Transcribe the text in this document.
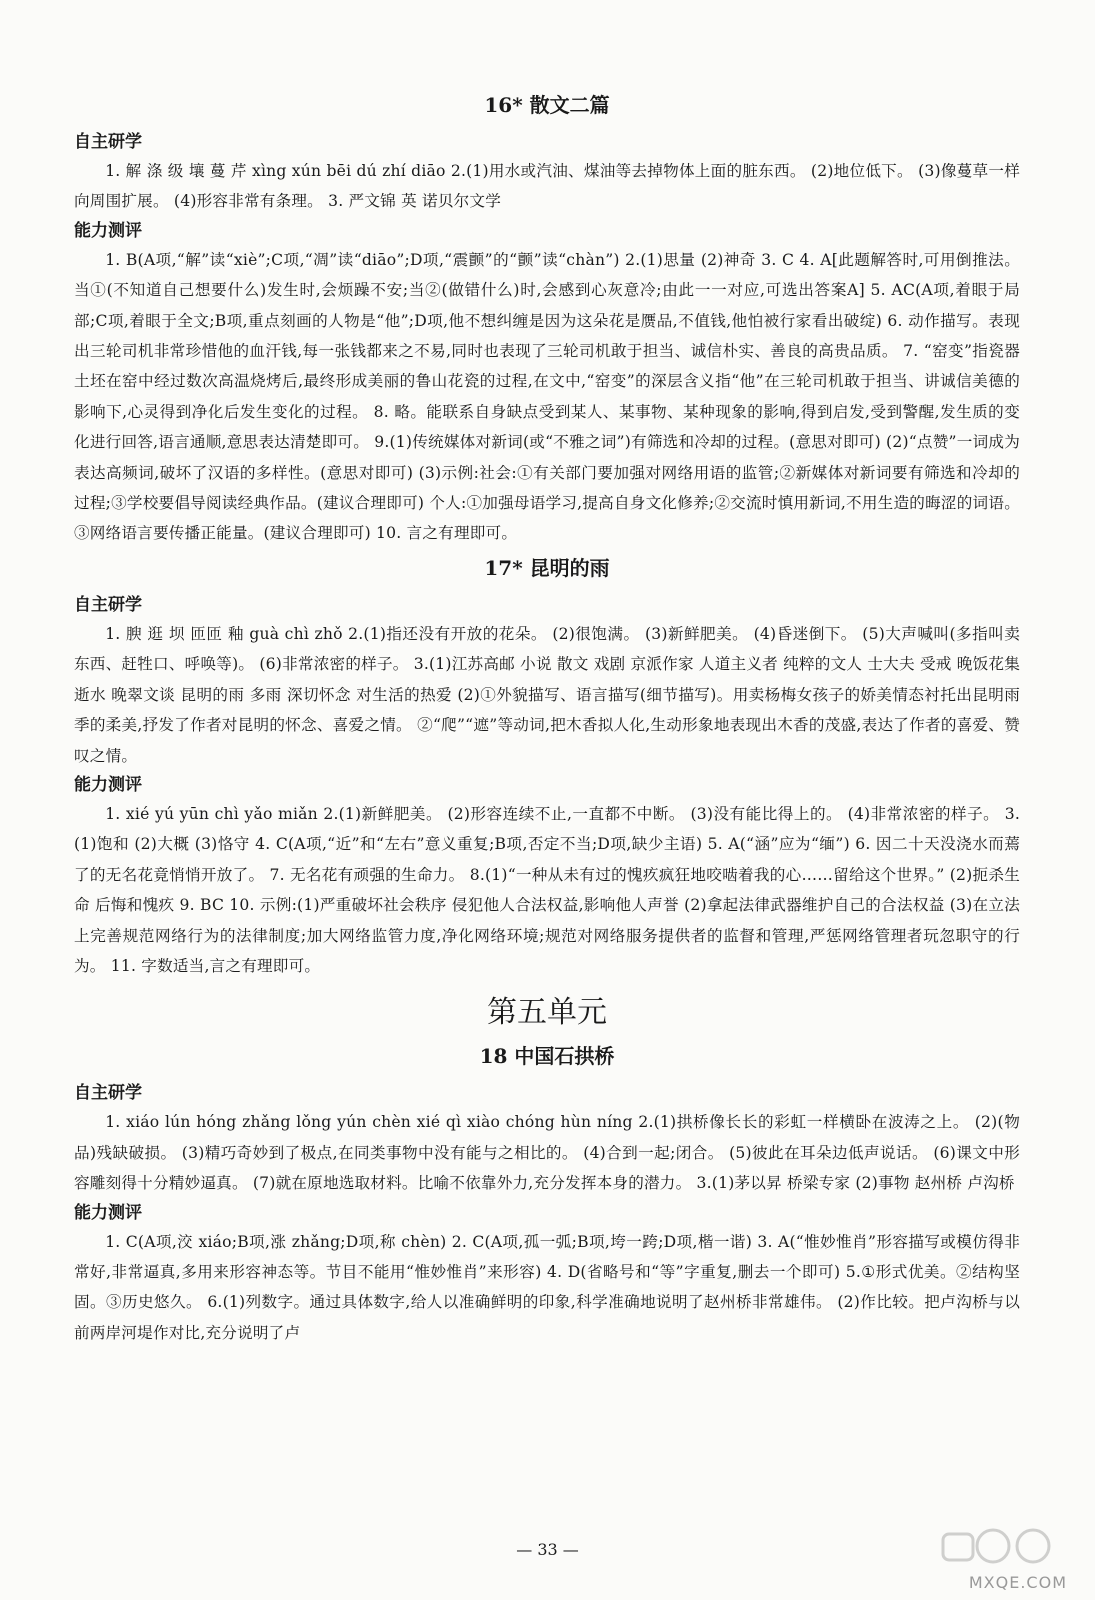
16* 散文二篇
自主研学

1. 解 涤 级 壤 蔓 芹 xìng xún bēi dú zhí diāo 2.(1)用水或汽油、煤油等去掉物体上面的脏东西。 (2)地位低下。 (3)像蔓草一样向周围扩展。 (4)形容非常有条理。 3. 严文锦 英 诺贝尔文学

能力测评

1. B(A项,“解”读“xiè”;C项,“凋”读“diāo”;D项,“震颤”的“颤”读“chàn”) 2.(1)思量 (2)神奇 3. C 4. A[此题解答时,可用倒推法。当①(不知道自己想要什么)发生时,会烦躁不安;当②(做错什么)时,会感到心灰意冷;由此一一对应,可选出答案A] 5. AC(A项,着眼于局部;C项,着眼于全文;B项,重点刻画的人物是“他”;D项,他不想纠缠是因为这朵花是赝品,不值钱,他怕被行家看出破绽) 6. 动作描写。表现出三轮司机非常珍惜他的血汗钱,每一张钱都来之不易,同时也表现了三轮司机敢于担当、诚信朴实、善良的高贵品质。 7. “窑变”指瓷器土坯在窑中经过数次高温烧烤后,最终形成美丽的鲁山花瓷的过程,在文中,“窑变”的深层含义指“他”在三轮司机敢于担当、讲诚信美德的影响下,心灵得到净化后发生变化的过程。 8. 略。能联系自身缺点受到某人、某事物、某种现象的影响,得到启发,受到警醒,发生质的变化进行回答,语言通顺,意思表达清楚即可。 9.(1)传统媒体对新词(或“不雅之词”)有筛选和冷却的过程。(意思对即可) (2)“点赞”一词成为表达高频词,破坏了汉语的多样性。(意思对即可) (3)示例:社会:①有关部门要加强对网络用语的监管;②新媒体对新词要有筛选和冷却的过程;③学校要倡导阅读经典作品。(建议合理即可) 个人:①加强母语学习,提高自身文化修养;②交流时慎用新词,不用生造的晦涩的词语。③网络语言要传播正能量。(建议合理即可) 10. 言之有理即可。

17* 昆明的雨
自主研学

1. 腴 逛 坝 匝匝 釉 guà chì zhǒ 2.(1)指还没有开放的花朵。 (2)很饱满。 (3)新鲜肥美。 (4)昏迷倒下。 (5)大声喊叫(多指叫卖东西、赶牲口、呼唤等)。 (6)非常浓密的样子。 3.(1)江苏高邮 小说 散文 戏剧 京派作家 人道主义者 纯粹的文人 士大夫 受戒 晚饭花集 逝水 晚翠文谈 昆明的雨 多雨 深切怀念 对生活的热爱 (2)①外貌描写、语言描写(细节描写)。用卖杨梅女孩子的娇美情态衬托出昆明雨季的柔美,抒发了作者对昆明的怀念、喜爱之情。 ②“爬”“遮”等动词,把木香拟人化,生动形象地表现出木香的茂盛,表达了作者的喜爱、赞叹之情。

能力测评

1. xié yú yūn chì yǎo miǎn 2.(1)新鲜肥美。 (2)形容连续不止,一直都不中断。 (3)没有能比得上的。 (4)非常浓密的样子。 3.(1)饱和 (2)大概 (3)恪守 4. C(A项,“近”和“左右”意义重复;B项,否定不当;D项,缺少主语) 5. A(“涵”应为“缅”) 6. 因二十天没浇水而蔫了的无名花竟悄悄开放了。 7. 无名花有顽强的生命力。 8.(1)“一种从未有过的愧疚疯狂地咬啮着我的心……留给这个世界。” (2)扼杀生命 后悔和愧疚 9. BC 10. 示例:(1)严重破坏社会秩序 侵犯他人合法权益,影响他人声誉 (2)拿起法律武器维护自己的合法权益 (3)在立法上完善规范网络行为的法律制度;加大网络监管力度,净化网络环境;规范对网络服务提供者的监督和管理,严惩网络管理者玩忽职守的行为。 11. 字数适当,言之有理即可。

第五单元
18 中国石拱桥
自主研学

1. xiáo lún hóng zhǎng lǒng yún chèn xié qì xiào chóng hùn níng 2.(1)拱桥像长长的彩虹一样横卧在波涛之上。 (2)(物品)残缺破损。 (3)精巧奇妙到了极点,在同类事物中没有能与之相比的。 (4)合到一起;闭合。 (5)彼此在耳朵边低声说话。 (6)课文中形容雕刻得十分精妙逼真。 (7)就在原地选取材料。比喻不依靠外力,充分发挥本身的潜力。 3.(1)茅以昇 桥梁专家 (2)事物 赵州桥 卢沟桥

能力测评

1. C(A项,洨 xiáo;B项,涨 zhǎng;D项,称 chèn) 2. C(A项,孤一弧;B项,垮一跨;D项,楷一谐) 3. A(“惟妙惟肖”形容描写或模仿得非常好,非常逼真,多用来形容神态等。节目不能用“惟妙惟肖”来形容) 4. D(省略号和“等”字重复,删去一个即可) 5.①形式优美。②结构坚固。③历史悠久。 6.(1)列数字。通过具体数字,给人以准确鲜明的印象,科学准确地说明了赵州桥非常雄伟。 (2)作比较。把卢沟桥与以前两岸河堤作对比,充分说明了卢

— 33 —
MXQE.COM
